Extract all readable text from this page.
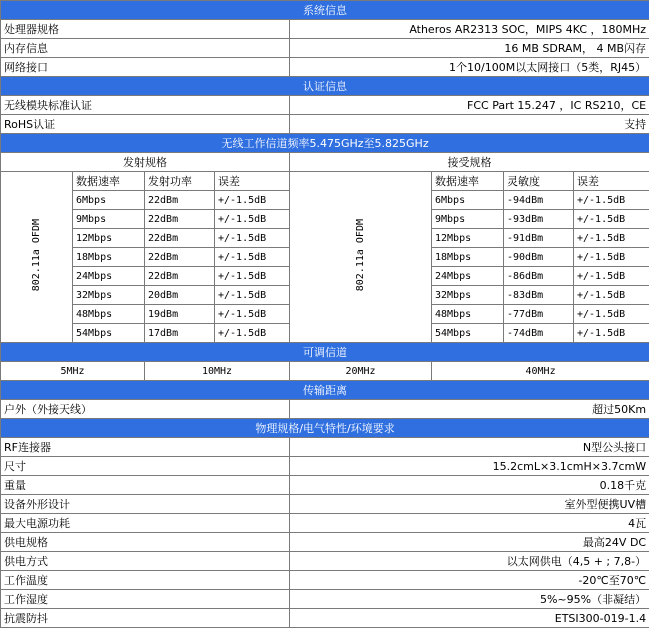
系统信息							
处理器规格				Atheros AR2313 SOC，MIPS 4KC ，180MHz			
内存信息				16 MB SDRAM， 4 MB闪存			
网络接口				1个10/100M以太网接口（5类，RJ45）			
认证信息							
无线模块标准认证				FCC Part 15.247 ，IC RS210，CE			
RoHS认证				支持			
无线工作信道频率5.475GHz至5.825GHz							
发射规格				接受规格			
802.11a OFDM	数据速率	发射功率	误差	802.11a OFDM	数据速率	灵敏度	误差
	6Mbps	22dBm	+/-1.5dB		6Mbps	-94dBm	+/-1.5dB
	9Mbps	22dBm	+/-1.5dB		9Mbps	-93dBm	+/-1.5dB
	12Mbps	22dBm	+/-1.5dB		12Mbps	-91dBm	+/-1.5dB
	18Mbps	22dBm	+/-1.5dB		18Mbps	-90dBm	+/-1.5dB
	24Mbps	22dBm	+/-1.5dB		24Mbps	-86dBm	+/-1.5dB
	32Mbps	20dBm	+/-1.5dB		32Mbps	-83dBm	+/-1.5dB
	48Mbps	19dBm	+/-1.5dB		48Mbps	-77dBm	+/-1.5dB
	54Mbps	17dBm	+/-1.5dB		54Mbps	-74dBm	+/-1.5dB
可调信道							
5MHz		10MHz		20MHz	40MHz		
传输距离							
户外（外接天线）				超过50Km			
物理规格/电气特性/环境要求							
RF连接器				N型公头接口			
尺寸				15.2cmL×3.1cmH×3.7cmW			
重量				0.18千克			
设备外形设计				室外型便携UV槽			
最大电源功耗				4瓦			
供电规格				最高24V DC			
供电方式				以太网供电（4,5 + ; 7,8-）			
工作温度				-20℃至70℃			
工作湿度				5%~95%（非凝结）			
抗震防抖				ETSI300-019-1.4			
